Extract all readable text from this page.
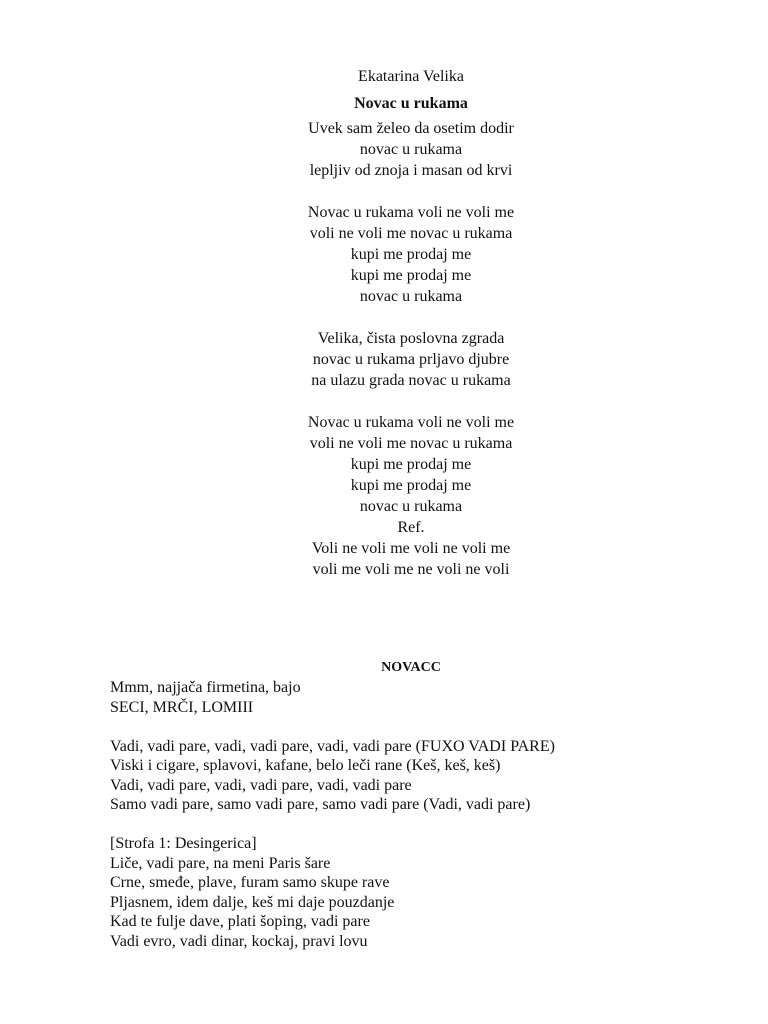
Ekatarina Velika
Novac u rukama
Uvek sam želeo da osetim dodir
novac u rukama
lepljiv od znoja i masan od krvi
Novac u rukama voli ne voli me
voli ne voli me novac u rukama
kupi me prodaj me
kupi me prodaj me
novac u rukama
Velika, čista poslovna zgrada
novac u rukama prljavo djubre
na ulazu grada novac u rukama
Novac u rukama voli ne voli me
voli ne voli me novac u rukama
kupi me prodaj me
kupi me prodaj me
novac u rukama
Ref.
Voli ne voli me voli ne voli me
voli me voli me ne voli ne voli
NOVACC
Mmm, najjača firmetina, bajo
SECI, MRČI, LOMIII
Vadi, vadi pare, vadi, vadi pare, vadi, vadi pare (FUXO VADI PARE)
Viski i cigare, splavovi, kafane, belo leči rane (Keš, keš, keš)
Vadi, vadi pare, vadi, vadi pare, vadi, vadi pare
Samo vadi pare, samo vadi pare, samo vadi pare (Vadi, vadi pare)
[Strofa 1: Desingerica]
Liče, vadi pare, na meni Paris šare
Crne, smeđe, plave, furam samo skupe rave
Pljasnem, idem dalje, keš mi daje pouzdanje
Kad te fulje dave, plati šoping, vadi pare
Vadi evro, vadi dinar, kockaj, pravi lovu
